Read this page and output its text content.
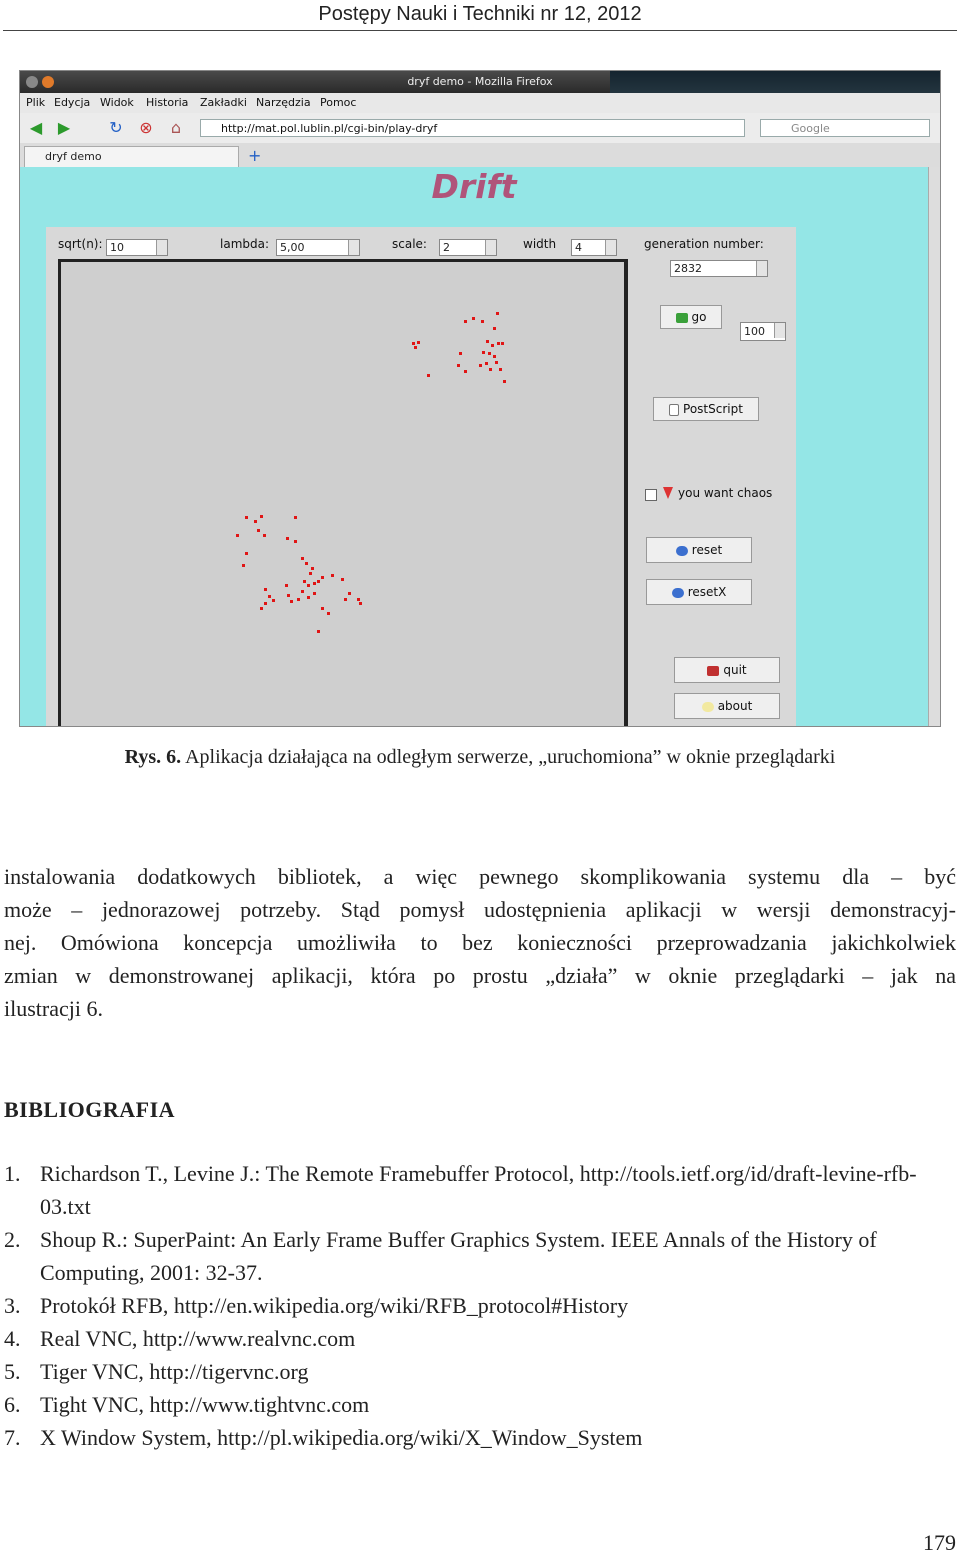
Postępy Nauki i Techniki nr 12, 2012
dryf demo - Mozilla Firefox
Plik Edycja Widok Historia Zakładki Narzędzia Pomoc
◀ ▶ ↻ ⊗	⌂	http://mat.pol.lublin.pl/cgi-bin/play-dryf	Google
dryf demo	+
Drift
sqrt(n): 10	lambda: 5,00	scale:	2	width	4	generation number:
2832
go
100
PostScript
you want chaos
reset
resetX
quit
about
Rys. 6. Aplikacja działająca na odległym serwerze, „uruchomiona” w oknie przeglądarki
instalowania dodatkowych bibliotek, a więc pewnego skomplikowania systemu dla – być
może – jednorazowej potrzeby. Stąd pomysł udostępnienia aplikacji w wersji demonstracyj-
nej. Omówiona koncepcja umożliwiła to bez konieczności przeprowadzania jakichkolwiek
zmian w demonstrowanej aplikacji, która po prostu „działa” w oknie przeglądarki – jak na
ilustracji 6.
BIBLIOGRAFIA
1. Richardson T., Levine J.: The Remote Framebuffer Protocol, http://tools.ietf.org/id/draft-levine-rfb-03.txt
2. Shoup R.: SuperPaint: An Early Frame Buffer Graphics System. IEEE Annals of the History of Computing, 2001: 32-37.
3. Protokół RFB, http://en.wikipedia.org/wiki/RFB_protocol#History
4. Real VNC, http://www.realvnc.com
5. Tiger VNC, http://tigervnc.org
6. Tight VNC, http://www.tightvnc.com
7. X Window System, http://pl.wikipedia.org/wiki/X_Window_System
179
